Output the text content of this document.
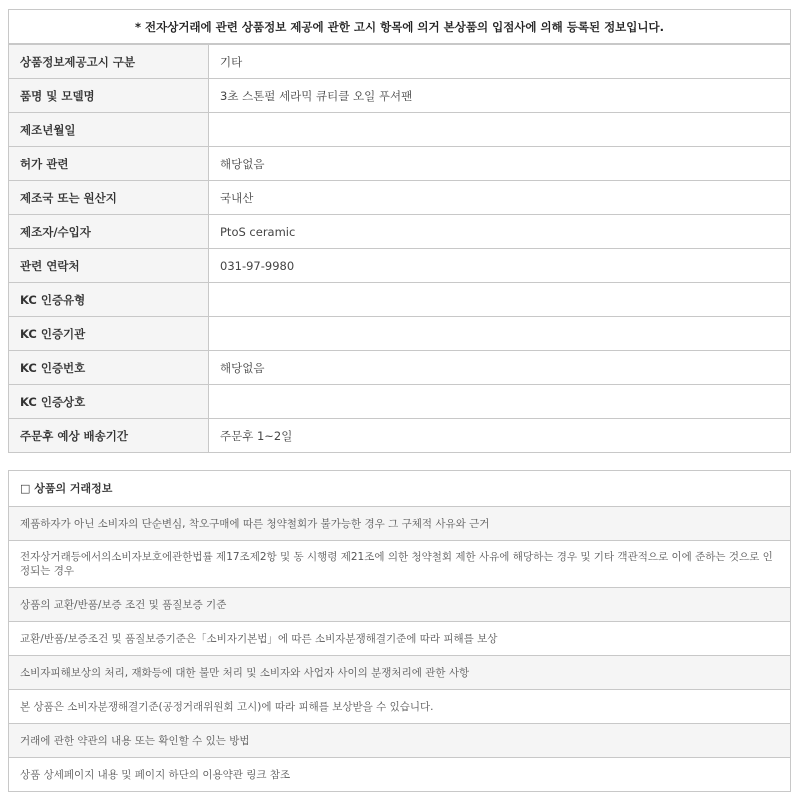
* 전자상거래에 관련 상품정보 제공에 관한 고시 항목에 의거 본상품의 입점사에 의해 등록된 정보입니다.
상품정보제공고시 구분	기타
품명 및 모델명	3초 스톤펄 세라믹 큐티클 오일 푸셔팬
제조년월일	
허가 관련	해당없음
제조국 또는 원산지	국내산
제조자/수입자	PtoS ceramic
관련 연락처	031-97-9980
KC 인증유형	
KC 인증기관	
KC 인증번호	해당없음
KC 인증상호	
주문후 예상 배송기간	주문후 1~2일
□ 상품의 거래정보
제품하자가 아닌 소비자의 단순변심, 착오구매에 따른 청약철회가 불가능한 경우 그 구체적 사유와 근거
전자상거래등에서의소비자보호에관한법률 제17조제2항 및 동 시행령 제21조에 의한 청약철회 제한 사유에 해당하는 경우 및 기타 객관적으로 이에 준하는 것으로 인정되는 경우
상품의 교환/반품/보증 조건 및 품질보증 기준
교환/반품/보증조건 및 품질보증기준은「소비자기본법」에 따른 소비자분쟁해결기준에 따라 피해를 보상
소비자피해보상의 처리, 재화등에 대한 불만 처리 및 소비자와 사업자 사이의 분쟁처리에 관한 사항
본 상품은 소비자분쟁해결기준(공정거래위원회 고시)에 따라 피해를 보상받을 수 있습니다.
거래에 관한 약관의 내용 또는 확인할 수 있는 방법
상품 상세페이지 내용 및 페이지 하단의 이용약관 링크 참조
